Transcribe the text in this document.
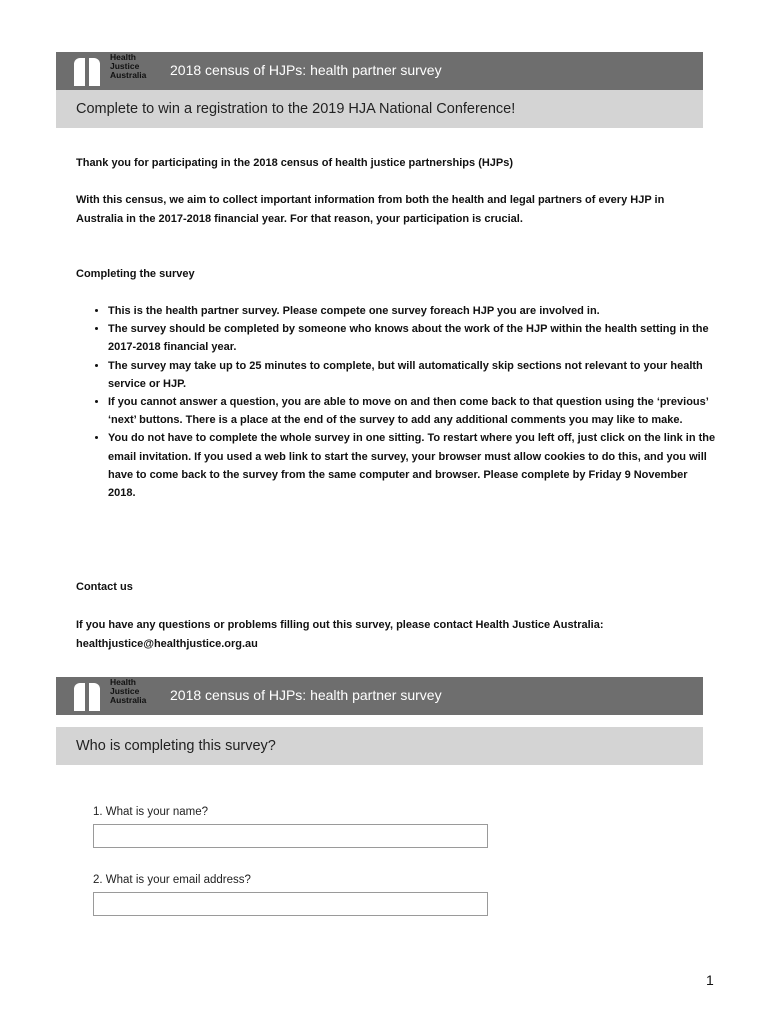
Health
Justice
Australia	2018 census of HJPs: health partner survey
Complete to win a registration to the 2019 HJA National Conference!
Thank you for participating in the 2018 census of health justice partnerships (HJPs)
With this census, we aim to collect important information from both the health and legal partners of every HJP in Australia in the 2017-2018 financial year. For that reason, your participation is crucial.
Completing the survey
• This is the health partner survey. Please compete one survey foreach HJP you are involved in.
• The survey should be completed by someone who knows about the work of the HJP within the health setting in the 2017-2018 financial year.
• The survey may take up to 25 minutes to complete, but will automatically skip sections not relevant to your health service or HJP.
• If you cannot answer a question, you are able to move on and then come back to that question using the ‘previous’ ‘next’ buttons. There is a place at the end of the survey to add any additional comments you may like to make.
• You do not have to complete the whole survey in one sitting. To restart where you left off, just click on the link in the email invitation. If you used a web link to start the survey, your browser must allow cookies to do this, and you will have to come back to the survey from the same computer and browser. Please complete by Friday 9 November 2018.
Contact us
If you have any questions or problems filling out this survey, please contact Health Justice Australia: healthjustice@healthjustice.org.au
Health
Justice
Australia	2018 census of HJPs: health partner survey
Who is completing this survey?
1. What is your name?
2. What is your email address?
1
